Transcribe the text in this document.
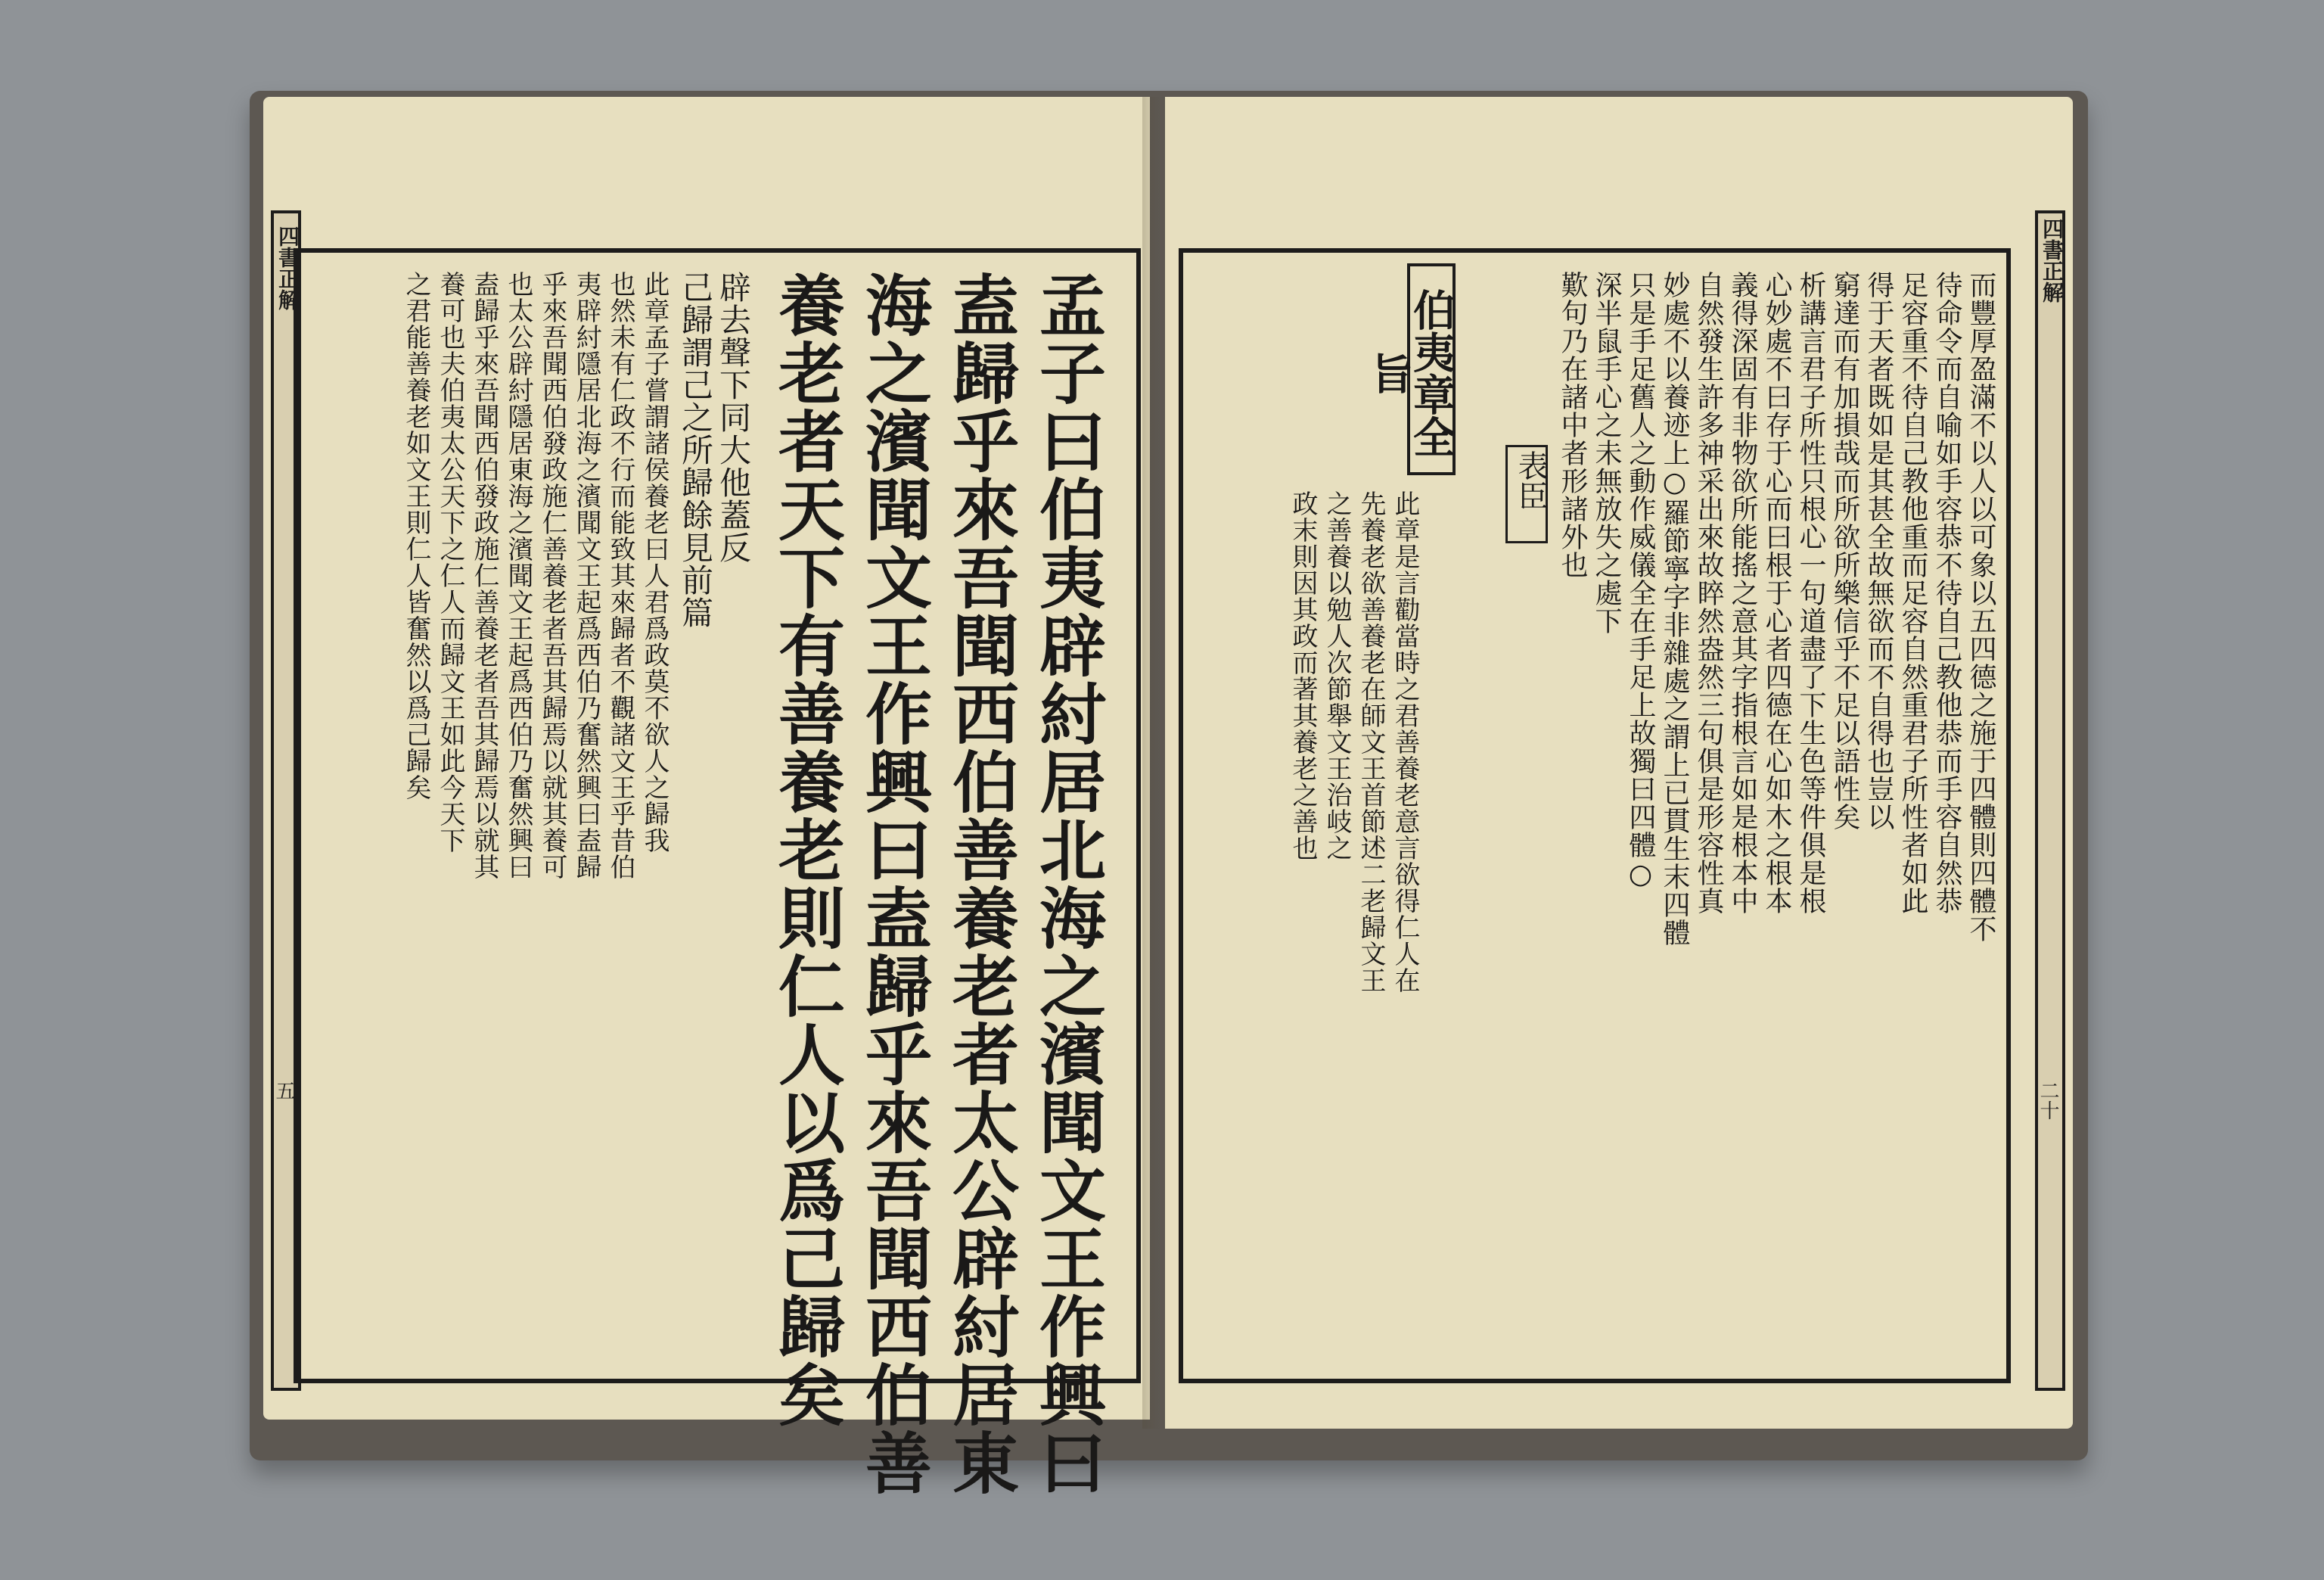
四書正解
五	孟子曰伯夷辟紂居北海之濱聞文王作興曰
盍歸乎來吾聞西伯善養老者太公辟紂居東
海之濱聞文王作興曰盍歸乎來吾聞西伯善
養老者天下有善養老則仁人以爲己歸矣
辟去聲下同大他蓋反
己歸謂己之所歸餘見前篇
此章孟子嘗謂諸侯養老曰人君爲政莫不欲人之歸我
也然未有仁政不行而能致其來歸者不觀諸文王乎昔伯
夷辟紂隱居北海之濱聞文王起爲西伯乃奮然興曰盍歸
乎來吾聞西伯發政施仁善養老者吾其歸焉以就其養可
也太公辟紂隱居東海之濱聞文王起爲西伯乃奮然興曰
盍歸乎來吾聞西伯發政施仁善養老者吾其歸焉以就其
養可也夫伯夷太公天下之仁人而歸文王如此今天下
之君能善養老如文王則仁人皆奮然以爲己歸矣
四書正解
二十
而豐厚盈滿不以人以可象以五四德之施于四體則四體不
待命令而自喻如手容恭不待自己教他恭而手容自然恭
足容重不待自己教他重而足容自然重君子所性者如此
得于天者既如是其甚全故無欲而不自得也豈以
窮達而有加損哉而所欲所樂信乎不足以語性矣
析講言君子所性只根心一句道盡了下生色等件俱是根
心妙處不曰存于心而曰根于心者四德在心如木之根本
義得深固有非物欲所能搖之意其字指根言如是根本中
自然發生許多神采出來故睟然盎然三句俱是形容性真
妙處不以養迹上○羅節寧字非雜處之謂上已貫生末四體
只是手足舊人之動作威儀全在手足上故獨曰四體○
深半鼠手心之未無放失之處下
歎句乃在諸中者形諸外也
表臣
此章是言勸當時之君善養老意言欲得仁人在
先養老欲善養老在師文王首節述二老歸文王
之善養以勉人次節舉文王治岐之
政末則因其政而著其養老之善也
伯夷章全旨
